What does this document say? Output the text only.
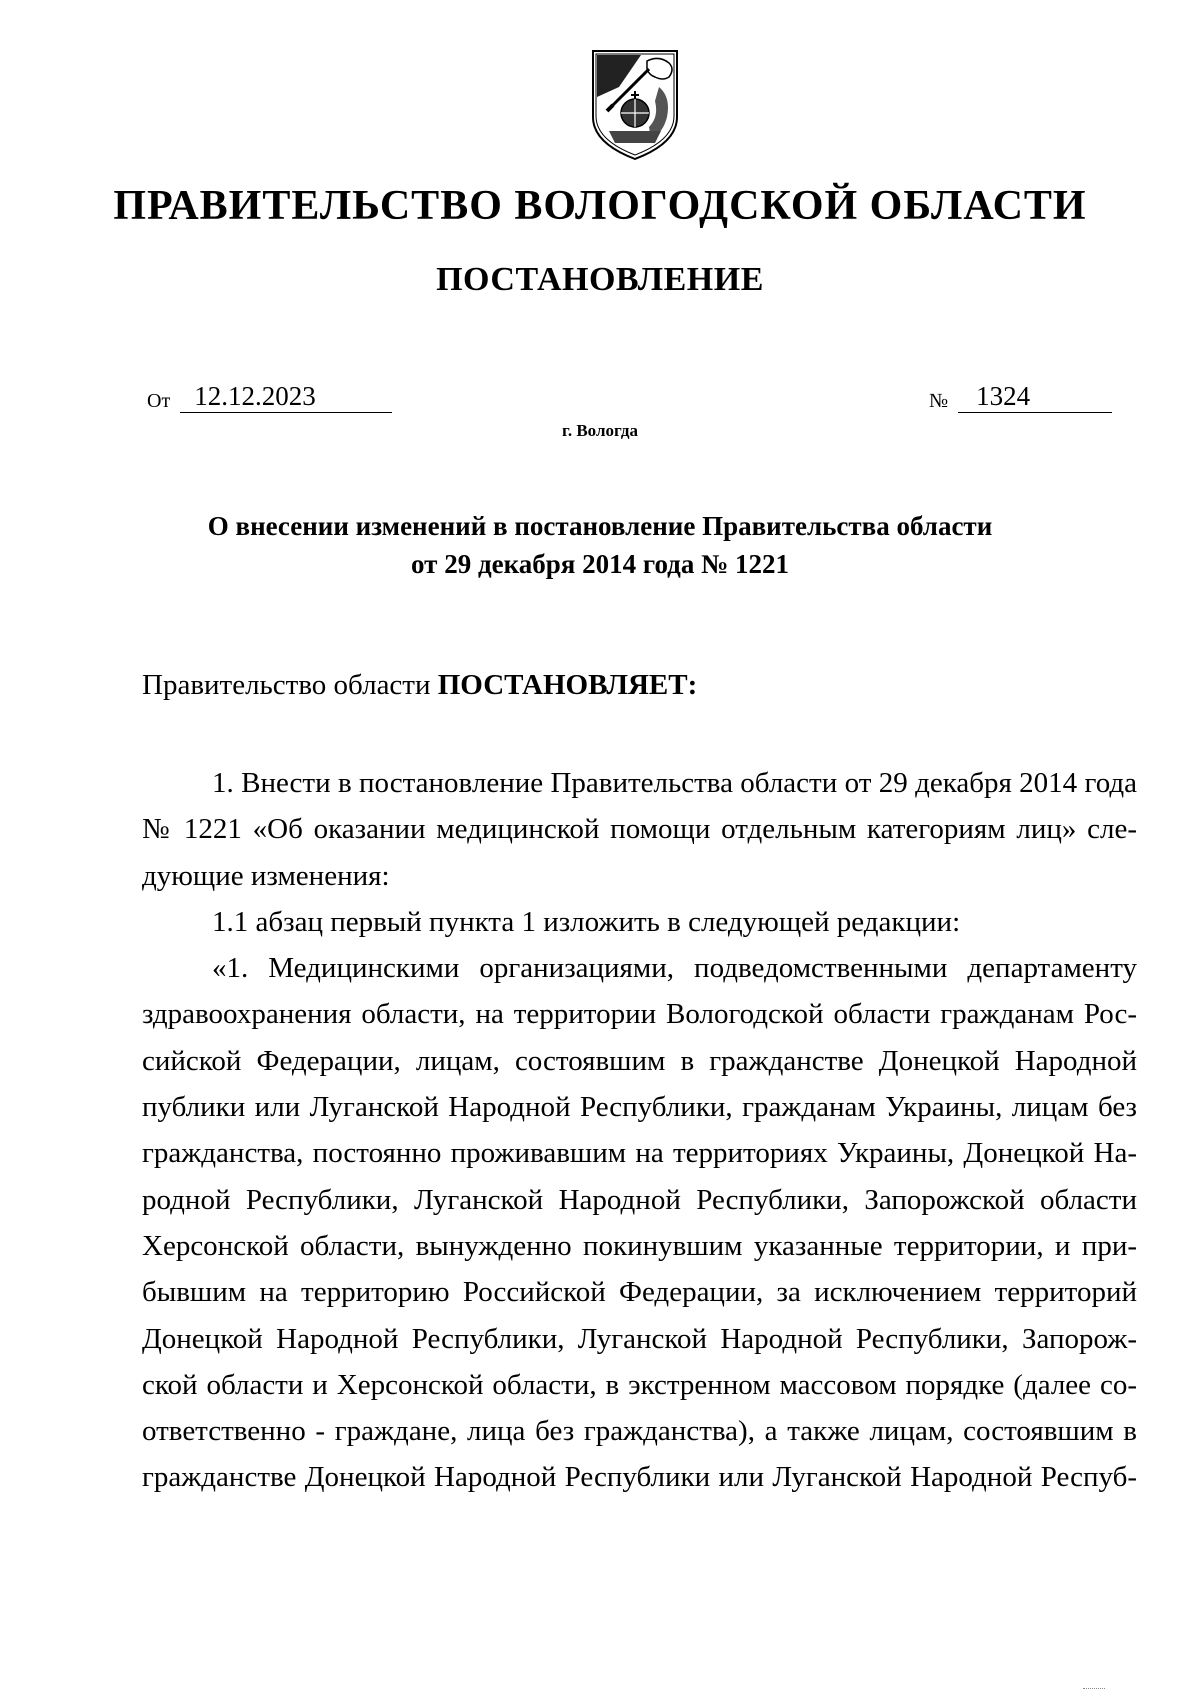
ПРАВИТЕЛЬСТВО ВОЛОГОДСКОЙ ОБЛАСТИ
ПОСТАНОВЛЕНИЕ
От 12.12.2023	№ 1324
г. Вологда
О внесении изменений в постановление Правительства области
от 29 декабря 2014 года № 1221
Правительство области ПОСТАНОВЛЯЕТ:
1. Внести в постановление Правительства области от 29 декабря 2014 года
№ 1221 «Об оказании медицинской помощи отдельным категориям лиц» сле-
дующие изменения:
1.1 абзац первый пункта 1 изложить в следующей редакции:
«1. Медицинскими организациями, подведомственными департаменту
здравоохранения области, на территории Вологодской области гражданам Рос-
сийской Федерации, лицам, состоявшим в гражданстве Донецкой Народной
публики или Луганской Народной Республики, гражданам Украины, лицам без
гражданства, постоянно проживавшим на территориях Украины, Донецкой На-
родной Республики, Луганской Народной Республики, Запорожской области
Херсонской области, вынужденно покинувшим указанные территории, и при-
бывшим на территорию Российской Федерации, за исключением территорий
Донецкой Народной Республики, Луганской Народной Республики, Запорож-
ской области и Херсонской области, в экстренном массовом порядке (далее со-
ответственно - граждане, лица без гражданства), а также лицам, состоявшим в
гражданстве Донецкой Народной Республики или Луганской Народной Респуб-
